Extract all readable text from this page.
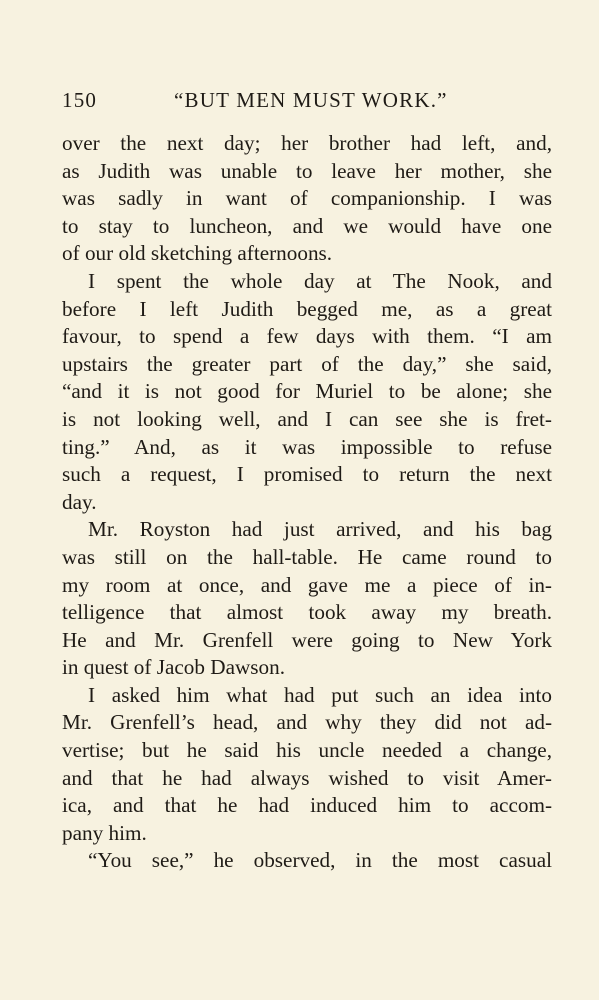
150	“BUT MEN MUST WORK.”
over the next day; her brother had left, and,
as Judith was unable to leave her mother, she
was sadly in want of companionship. I was
to stay to luncheon, and we would have one
of our old sketching afternoons.
I spent the whole day at The Nook, and
before I left Judith begged me, as a great
favour, to spend a few days with them. “I am
upstairs the greater part of the day,” she said,
“and it is not good for Muriel to be alone; she
is not looking well, and I can see she is fret-
ting.” And, as it was impossible to refuse
such a request, I promised to return the next
day.
Mr. Royston had just arrived, and his bag
was still on the hall-table. He came round to
my room at once, and gave me a piece of in-
telligence that almost took away my breath.
He and Mr. Grenfell were going to New York
in quest of Jacob Dawson.
I asked him what had put such an idea into
Mr. Grenfell’s head, and why they did not ad-
vertise; but he said his uncle needed a change,
and that he had always wished to visit Amer-
ica, and that he had induced him to accom-
pany him.
“You see,” he observed, in the most casual
